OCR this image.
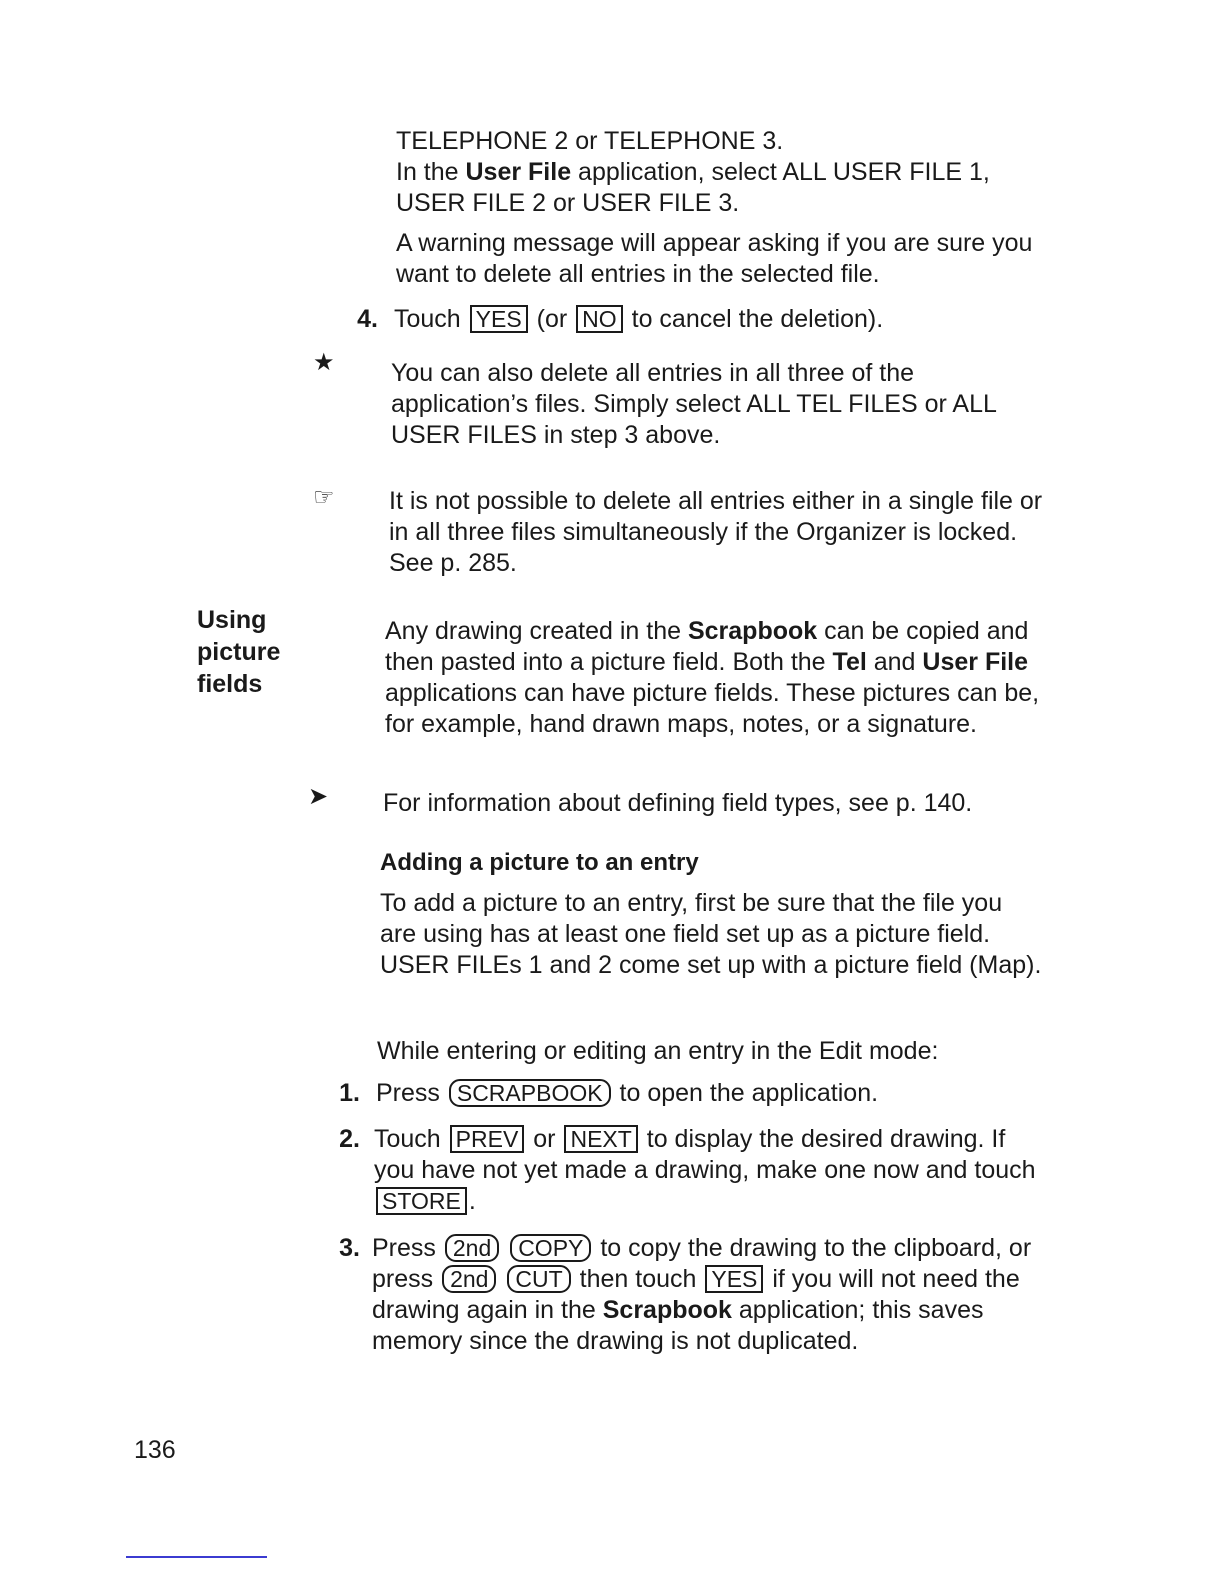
TELEPHONE 2 or TELEPHONE 3.
In the User File application, select ALL USER FILE 1,
USER FILE 2 or USER FILE 3.

A warning message will appear asking if you are sure you want to delete all entries in the selected file.

4. Touch YES (or NO to cancel the deletion).
★ You can also delete all entries in all three of the application’s files. Simply select ALL TEL FILES or ALL USER FILES in step 3 above.

☞ It is not possible to delete all entries either in a single file or in all three files simultaneously if the Organizer is locked. See p. 285.

Using
picture
fields

Any drawing created in the Scrapbook can be copied and then pasted into a picture field. Both the Tel and User File applications can have picture fields. These pictures can be, for example, hand drawn maps, notes, or a signature.

➤ For information about defining field types, see p. 140.

Adding a picture to an entry

To add a picture to an entry, first be sure that the file you are using has at least one field set up as a picture field. USER FILEs 1 and 2 come set up with a picture field (Map).

While entering or editing an entry in the Edit mode:

1. Press SCRAPBOOK to open the application.
2. Touch PREV or NEXT to display the desired drawing. If you have not yet made a drawing, make one now and touch STORE .
3. Press 2nd COPY to copy the drawing to the clipboard, or press 2nd CUT then touch YES if you will not need the drawing again in the Scrapbook application; this saves memory since the drawing is not duplicated.
136
